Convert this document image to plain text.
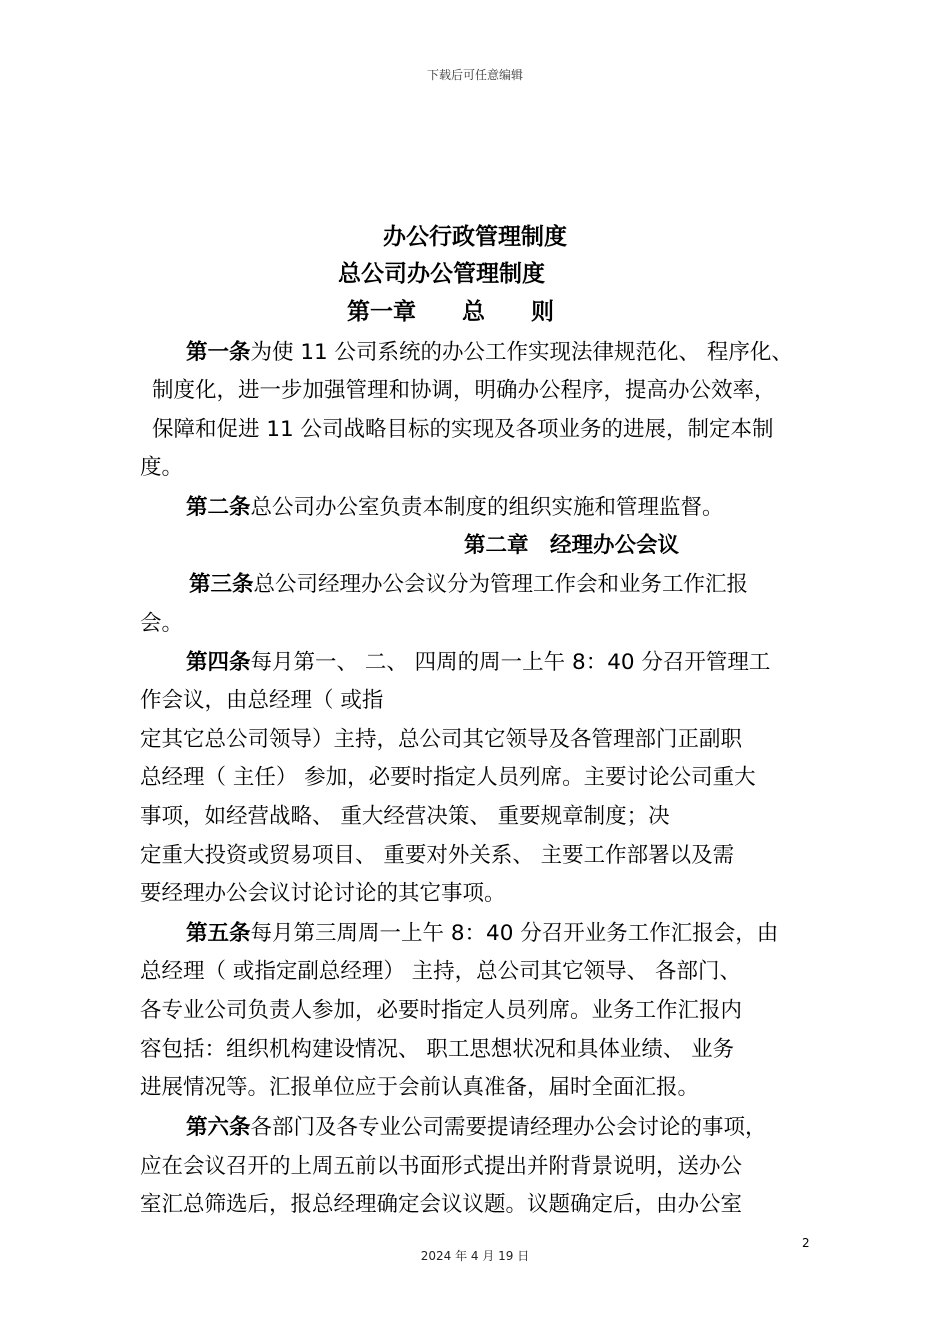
下载后可任意编辑
办公行政管理制度
总公司办公管理制度
第一章　　总　　则
第一条为使 11 公司系统的办公工作实现法律规范化、 程序化、
制度化，进一步加强管理和协调，明确办公程序，提高办公效率，
保障和促进 11 公司战略目标的实现及各项业务的进展，制定本制
度。
第二条总公司办公室负责本制度的组织实施和管理监督。
第二章　经理办公会议
第三条总公司经理办公会议分为管理工作会和业务工作汇报
会。
第四条每月第一、 二、 四周的周一上午 8：40 分召开管理工
作会议，由总经理（ 或指
定其它总公司领导）主持，总公司其它领导及各管理部门正副职
总经理（ 主任） 参加，必要时指定人员列席。主要讨论公司重大
事项，如经营战略、 重大经营决策、 重要规章制度；决
定重大投资或贸易项目、 重要对外关系、 主要工作部署以及需
要经理办公会议讨论讨论的其它事项。
第五条每月第三周周一上午 8：40 分召开业务工作汇报会，由
总经理（ 或指定副总经理） 主持，总公司其它领导、 各部门、
各专业公司负责人参加，必要时指定人员列席。业务工作汇报内
容包括：组织机构建设情况、 职工思想状况和具体业绩、 业务
进展情况等。汇报单位应于会前认真准备，届时全面汇报。
第六条各部门及各专业公司需要提请经理办公会讨论的事项，
应在会议召开的上周五前以书面形式提出并附背景说明，送办公
室汇总筛选后，报总经理确定会议议题。议题确定后，由办公室
2
2024 年 4 月 19 日
